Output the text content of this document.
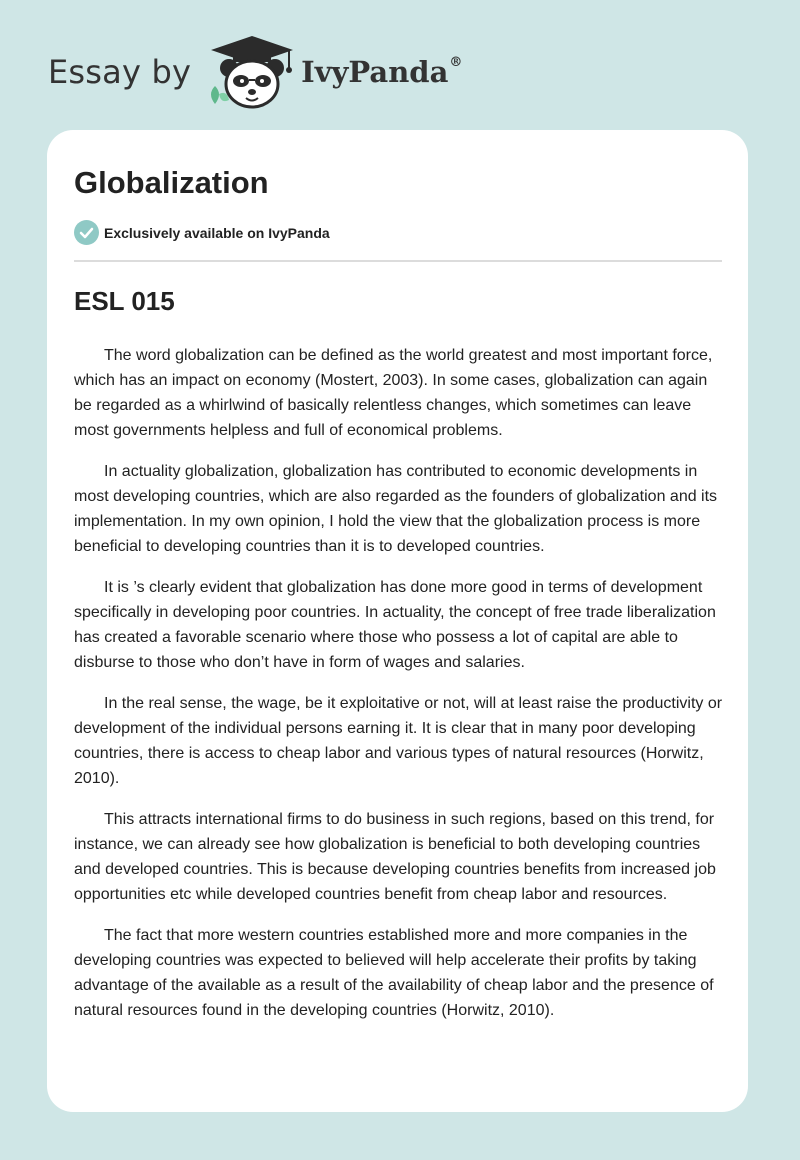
Essay by	IvyPanda®
Globalization
Exclusively available on IvyPanda
ESL 015

The word globalization can be defined as the world greatest and most important force, which has an impact on economy (Mostert, 2003). In some cases, globalization can again be regarded as a whirlwind of basically relentless changes, which sometimes can leave most governments helpless and full of economical problems.

In actuality globalization, globalization has contributed to economic developments in most developing countries, which are also regarded as the founders of globalization and its implementation. In my own opinion, I hold the view that the globalization process is more beneficial to developing countries than it is to developed countries.

It is ’s clearly evident that globalization has done more good in terms of development specifically in developing poor countries. In actuality, the concept of free trade liberalization has created a favorable scenario where those who possess a lot of capital are able to disburse to those who don’t have in form of wages and salaries.

In the real sense, the wage, be it exploitative or not, will at least raise the productivity or development of the individual persons earning it. It is clear that in many poor developing countries, there is access to cheap labor and various types of natural resources (Horwitz, 2010).

This attracts international firms to do business in such regions, based on this trend, for instance, we can already see how globalization is beneficial to both developing countries and developed countries. This is because developing countries benefits from increased job opportunities etc while developed countries benefit from cheap labor and resources.

The fact that more western countries established more and more companies in the developing countries was expected to believed will help accelerate their profits by taking advantage of the available as a result of the availability of cheap labor and the presence of natural resources found in the developing countries (Horwitz, 2010).
